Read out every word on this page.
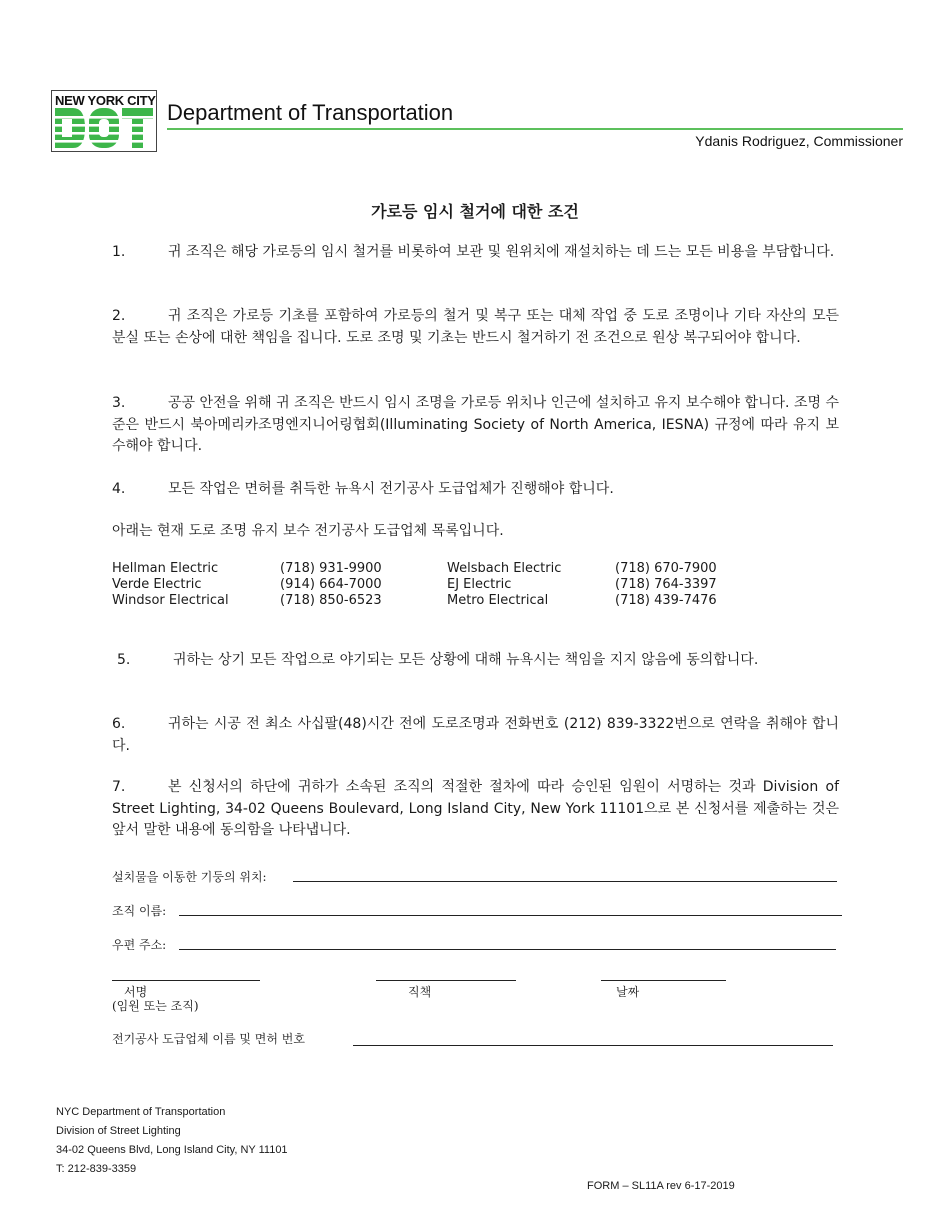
NEW YORK CITY Department of Transportation
Ydanis Rodriguez, Commissioner
가로등 임시 철거에 대한 조건
1.	귀 조직은 해당 가로등의 임시 철거를 비롯하여 보관 및 원위치에 재설치하는 데 드는 모든 비용을 부담합니다.
2.	귀 조직은 가로등 기초를 포함하여 가로등의 철거 및 복구 또는 대체 작업 중 도로 조명이나 기타 자산의 모든 분실 또는 손상에 대한 책임을 집니다. 도로 조명 및 기초는 반드시 철거하기 전 조건으로 원상 복구되어야 합니다.
3.	공공 안전을 위해 귀 조직은 반드시 임시 조명을 가로등 위치나 인근에 설치하고 유지 보수해야 합니다. 조명 수준은 반드시 북아메리카조명엔지니어링협회(Illuminating Society of North America, IESNA) 규정에 따라 유지 보수해야 합니다.
4.	모든 작업은 면허를 취득한 뉴욕시 전기공사 도급업체가 진행해야 합니다.
아래는 현재 도로 조명 유지 보수 전기공사 도급업체 목록입니다.
Hellman Electric	(718) 931-9900	Welsbach Electric	(718) 670-7900
Verde Electric	(914) 664-7000	EJ Electric	(718) 764-3397
Windsor Electrical	(718) 850-6523	Metro Electrical	(718) 439-7476
5.	귀하는 상기 모든 작업으로 야기되는 모든 상황에 대해 뉴욕시는 책임을 지지 않음에 동의합니다.
6.	귀하는 시공 전 최소 사십팔(48)시간 전에 도로조명과 전화번호 (212) 839-3322번으로 연락을 취해야 합니다.
7.	본 신청서의 하단에 귀하가 소속된 조직의 적절한 절차에 따라 승인된 임원이 서명하는 것과 Division of Street Lighting, 34-02 Queens Boulevard, Long Island City, New York 11101으로 본 신청서를 제출하는 것은 앞서 말한 내용에 동의함을 나타냅니다.
설치물을 이동한 기둥의 위치:
조직 이름:
우편 주소:
서명
(임원 또는 조직)
직책	날짜
전기공사 도급업체 이름 및 면허 번호
NYC Department of Transportation
Division of Street Lighting
34-02 Queens Blvd, Long Island City, NY 11101
T: 212-839-3359
FORM – SL11A rev 6-17-2019
